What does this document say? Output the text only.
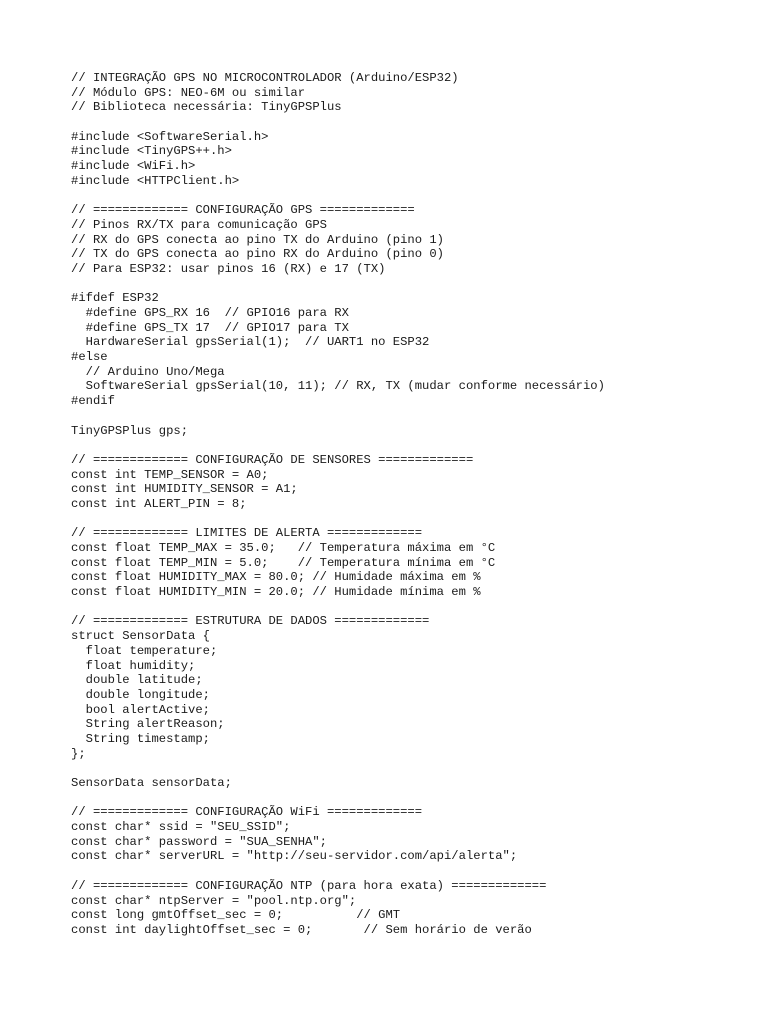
// INTEGRAÇÃO GPS NO MICROCONTROLADOR (Arduino/ESP32)
// Módulo GPS: NEO-6M ou similar
// Biblioteca necessária: TinyGPSPlus
#include <SoftwareSerial.h>
#include <TinyGPS++.h>
#include <WiFi.h>
#include <HTTPClient.h>
// ============= CONFIGURAÇÃO GPS =============
// Pinos RX/TX para comunicação GPS
// RX do GPS conecta ao pino TX do Arduino (pino 1)
// TX do GPS conecta ao pino RX do Arduino (pino 0)
// Para ESP32: usar pinos 16 (RX) e 17 (TX)
#ifdef ESP32
#define GPS_RX 16  // GPIO16 para RX
#define GPS_TX 17  // GPIO17 para TX
HardwareSerial gpsSerial(1);  // UART1 no ESP32
#else
// Arduino Uno/Mega
SoftwareSerial gpsSerial(10, 11); // RX, TX (mudar conforme necessário)
#endif
TinyGPSPlus gps;
// ============= CONFIGURAÇÃO DE SENSORES =============
const int TEMP_SENSOR = A0;
const int HUMIDITY_SENSOR = A1;
const int ALERT_PIN = 8;
// ============= LIMITES DE ALERTA =============
const float TEMP_MAX = 35.0;   // Temperatura máxima em °C
const float TEMP_MIN = 5.0;    // Temperatura mínima em °C
const float HUMIDITY_MAX = 80.0; // Humidade máxima em %
const float HUMIDITY_MIN = 20.0; // Humidade mínima em %
// ============= ESTRUTURA DE DADOS =============
struct SensorData {
float temperature;
float humidity;
double latitude;
double longitude;
bool alertActive;
String alertReason;
String timestamp;
};
SensorData sensorData;
// ============= CONFIGURAÇÃO WiFi =============
const char* ssid = "SEU_SSID";
const char* password = "SUA_SENHA";
const char* serverURL = "http://seu-servidor.com/api/alerta";
// ============= CONFIGURAÇÃO NTP (para hora exata) =============
const char* ntpServer = "pool.ntp.org";
const long gmtOffset_sec = 0;          // GMT
const int daylightOffset_sec = 0;       // Sem horário de verão
